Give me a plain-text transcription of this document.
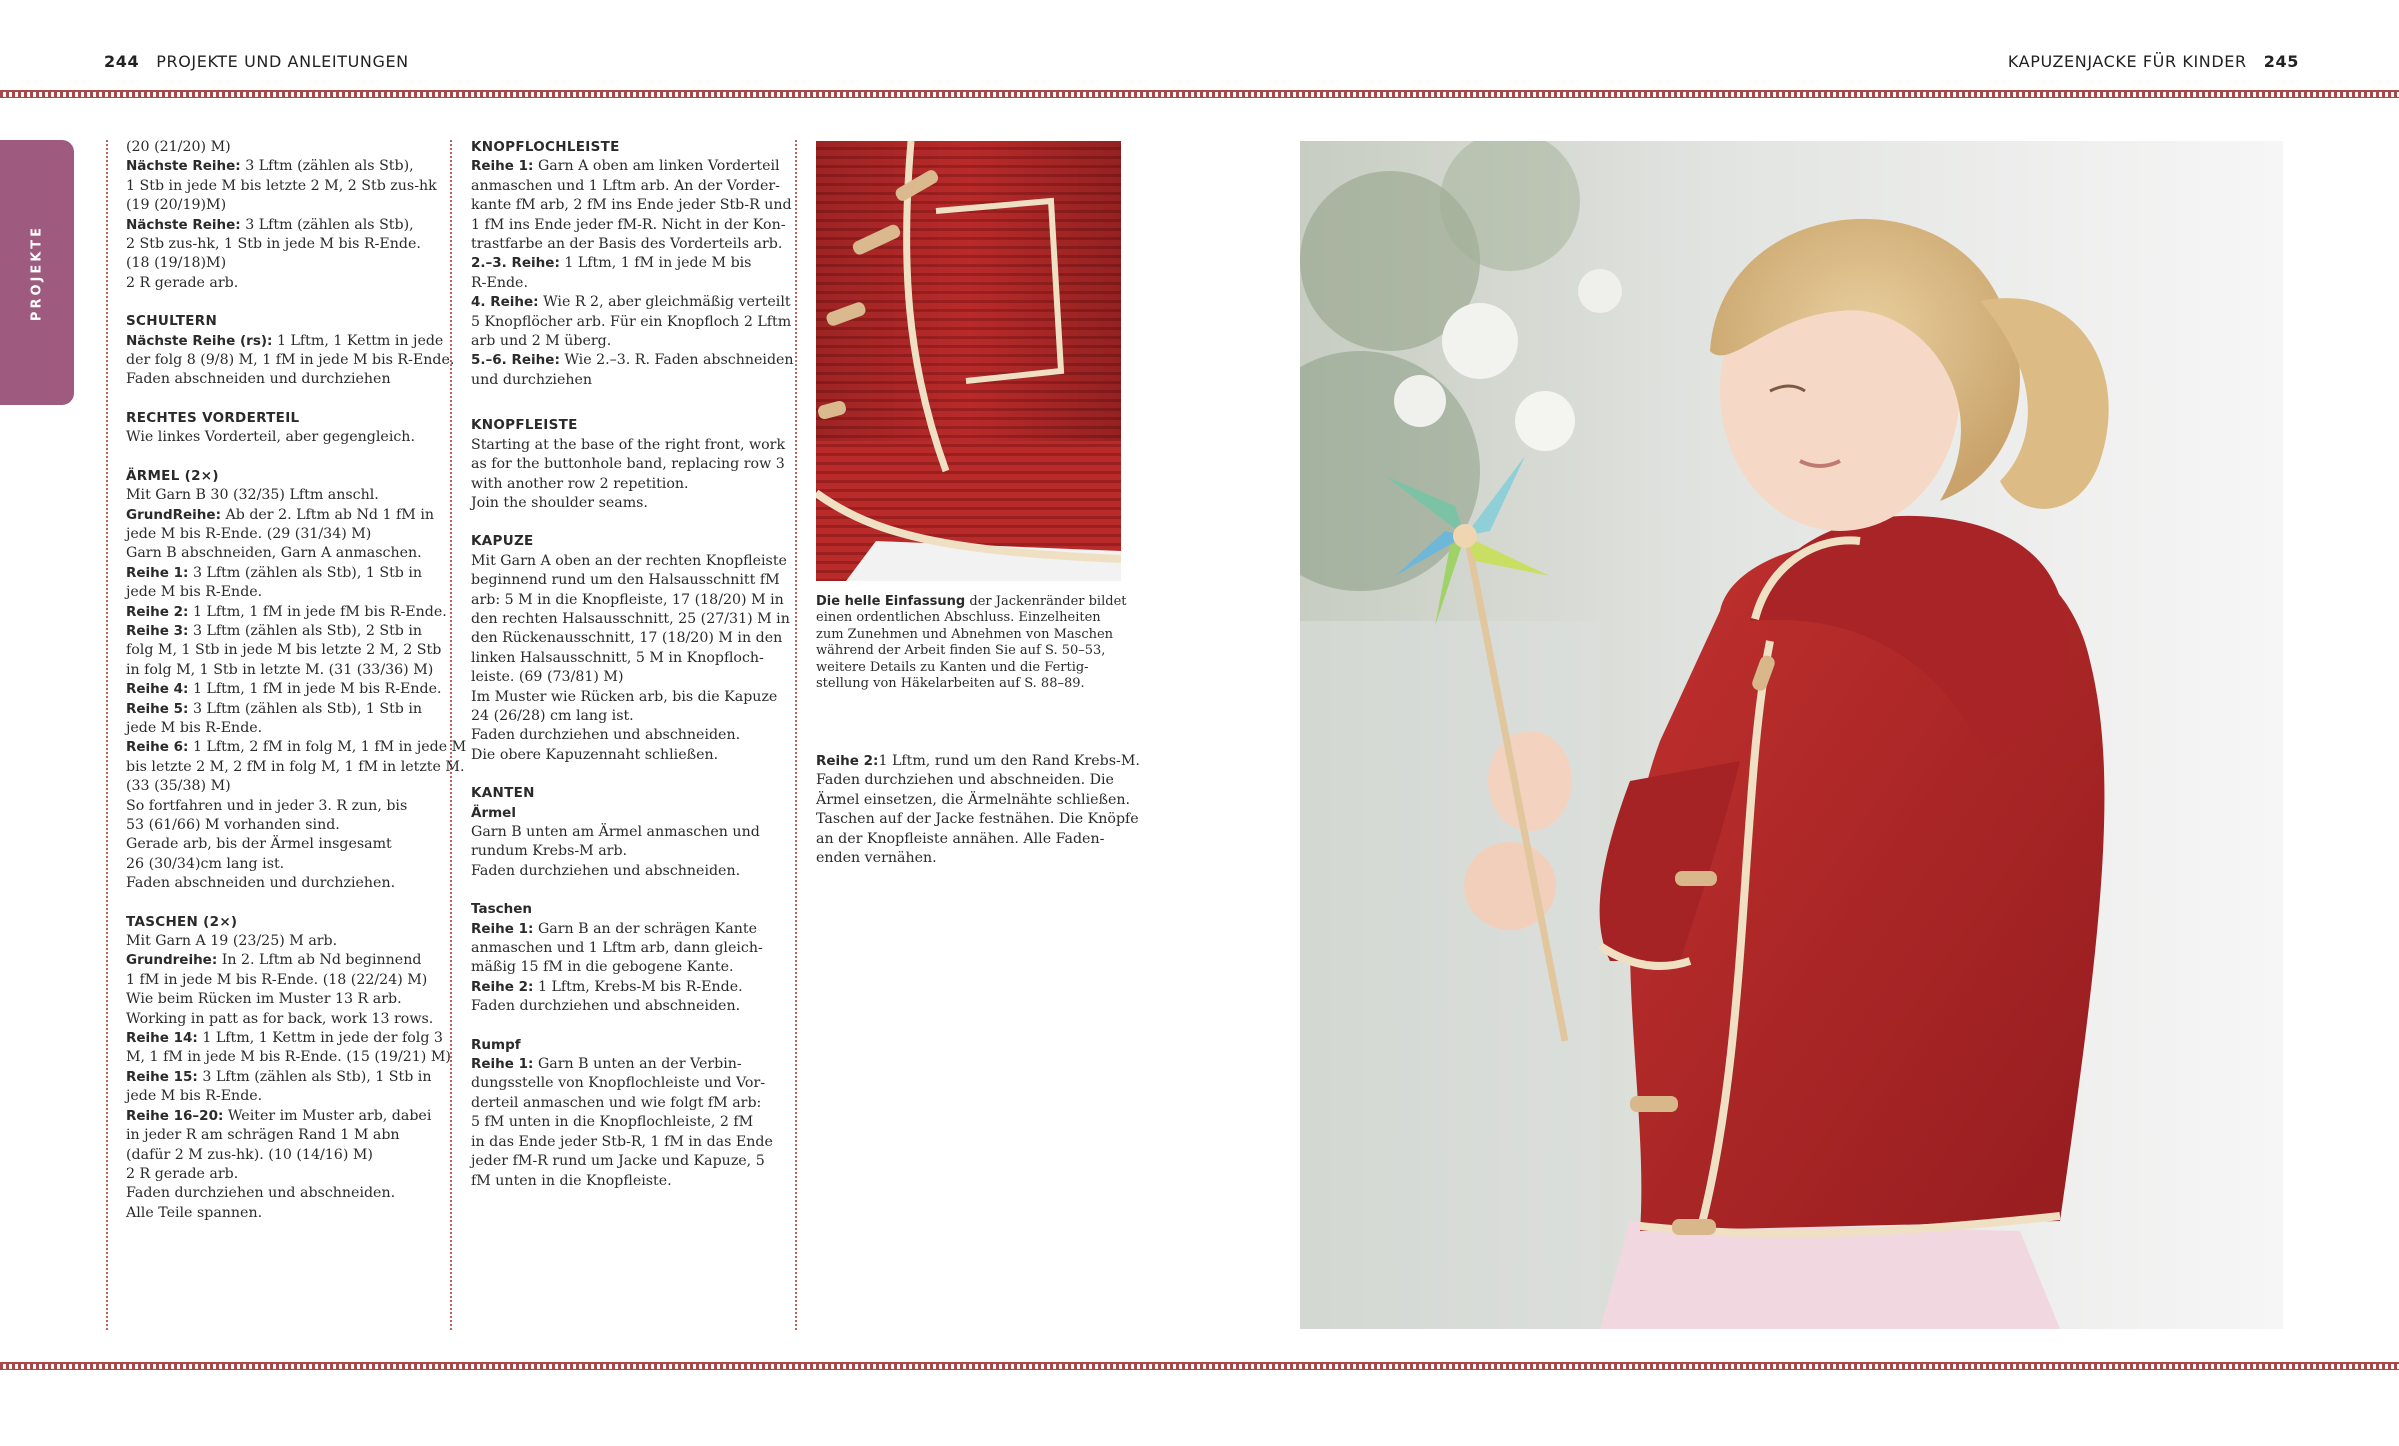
244 PROJEKTE UND ANLEITUNGEN	KAPUZENJACKE FÜR KINDER 245
PROJEKTE
(20 (21/20) M)
Nächste Reihe: 3 Lftm (zählen als Stb),
1 Stb in jede M bis letzte 2 M, 2 Stb zus-hk
(19 (20/19)M)
Nächste Reihe: 3 Lftm (zählen als Stb),
2 Stb zus-hk, 1 Stb in jede M bis R-Ende.
(18 (19/18)M)
2 R gerade arb.
SCHULTERN
Nächste Reihe (rs): 1 Lftm, 1 Kettm in jede
der folg 8 (9/8) M, 1 fM in jede M bis R-Ende.
Faden abschneiden und durchziehen
RECHTES VORDERTEIL
Wie linkes Vorderteil, aber gegengleich.
ÄRMEL (2×)
Mit Garn B 30 (32/35) Lftm anschl.
GrundReihe: Ab der 2. Lftm ab Nd 1 fM in
jede M bis R-Ende. (29 (31/34) M)
Garn B abschneiden, Garn A anmaschen.
Reihe 1: 3 Lftm (zählen als Stb), 1 Stb in
jede M bis R-Ende.
Reihe 2: 1 Lftm, 1 fM in jede fM bis R-Ende.
Reihe 3: 3 Lftm (zählen als Stb), 2 Stb in
folg M, 1 Stb in jede M bis letzte 2 M, 2 Stb
in folg M, 1 Stb in letzte M. (31 (33/36) M)
Reihe 4: 1 Lftm, 1 fM in jede M bis R-Ende.
Reihe 5: 3 Lftm (zählen als Stb), 1 Stb in
jede M bis R-Ende.
Reihe 6: 1 Lftm, 2 fM in folg M, 1 fM in jede M
bis letzte 2 M, 2 fM in folg M, 1 fM in letzte M.
(33 (35/38) M)
So fortfahren und in jeder 3. R zun, bis
53 (61/66) M vorhanden sind.
Gerade arb, bis der Ärmel insgesamt
26 (30/34)cm lang ist.
Faden abschneiden und durchziehen.
TASCHEN (2×)
Mit Garn A 19 (23/25) M arb.
Grundreihe: In 2. Lftm ab Nd beginnend
1 fM in jede M bis R-Ende. (18 (22/24) M)
Wie beim Rücken im Muster 13 R arb.
Working in patt as for back, work 13 rows.
Reihe 14: 1 Lftm, 1 Kettm in jede der folg 3
M, 1 fM in jede M bis R-Ende. (15 (19/21) M)
Reihe 15: 3 Lftm (zählen als Stb), 1 Stb in
jede M bis R-Ende.
Reihe 16–20: Weiter im Muster arb, dabei
in jeder R am schrägen Rand 1 M abn
(dafür 2 M zus-hk). (10 (14/16) M)
2 R gerade arb.
Faden durchziehen und abschneiden.
Alle Teile spannen.
KNOPFLOCHLEISTE
Reihe 1: Garn A oben am linken Vorderteil
anmaschen und 1 Lftm arb. An der Vorder-
kante fM arb, 2 fM ins Ende jeder Stb-R und
1 fM ins Ende jeder fM-R. Nicht in der Kon-
trastfarbe an der Basis des Vorderteils arb.
2.–3. Reihe: 1 Lftm, 1 fM in jede M bis
R-Ende.
4. Reihe: Wie R 2, aber gleichmäßig verteilt
5 Knopflöcher arb. Für ein Knopfloch 2 Lftm
arb und 2 M überg.
5.–6. Reihe: Wie 2.–3. R. Faden abschneiden
und durchziehen
KNOPFLEISTE
Starting at the base of the right front, work
as for the buttonhole band, replacing row 3
with another row 2 repetition.
Join the shoulder seams.
KAPUZE
Mit Garn A oben an der rechten Knopfleiste
beginnend rund um den Halsausschnitt fM
arb: 5 M in die Knopfleiste, 17 (18/20) M in
den rechten Halsausschnitt, 25 (27/31) M in
den Rückenausschnitt, 17 (18/20) M in den
linken Halsausschnitt, 5 M in Knopfloch-
leiste. (69 (73/81) M)
Im Muster wie Rücken arb, bis die Kapuze
24 (26/28) cm lang ist.
Faden durchziehen und abschneiden.
Die obere Kapuzennaht schließen.
KANTEN
Ärmel
Garn B unten am Ärmel anmaschen und
rundum Krebs-M arb.
Faden durchziehen und abschneiden.
Taschen
Reihe 1: Garn B an der schrägen Kante
anmaschen und 1 Lftm arb, dann gleich-
mäßig 15 fM in die gebogene Kante.
Reihe 2: 1 Lftm, Krebs-M bis R-Ende.
Faden durchziehen und abschneiden.
Rumpf
Reihe 1: Garn B unten an der Verbin-
dungsstelle von Knopflochleiste und Vor-
derteil anmaschen und wie folgt fM arb:
5 fM unten in die Knopflochleiste, 2 fM
in das Ende jeder Stb-R, 1 fM in das Ende
jeder fM-R rund um Jacke und Kapuze, 5
fM unten in die Knopfleiste.
Die helle Einfassung der Jackenränder bildet
einen ordentlichen Abschluss. Einzelheiten
zum Zunehmen und Abnehmen von Maschen
während der Arbeit finden Sie auf S. 50–53,
weitere Details zu Kanten und die Fertig-
stellung von Häkelarbeiten auf S. 88–89.
Reihe 2:1 Lftm, rund um den Rand Krebs-M.
Faden durchziehen und abschneiden. Die
Ärmel einsetzen, die Ärmelnähte schließen.
Taschen auf der Jacke festnähen. Die Knöpfe
an der Knopfleiste annähen. Alle Faden-
enden vernähen.
